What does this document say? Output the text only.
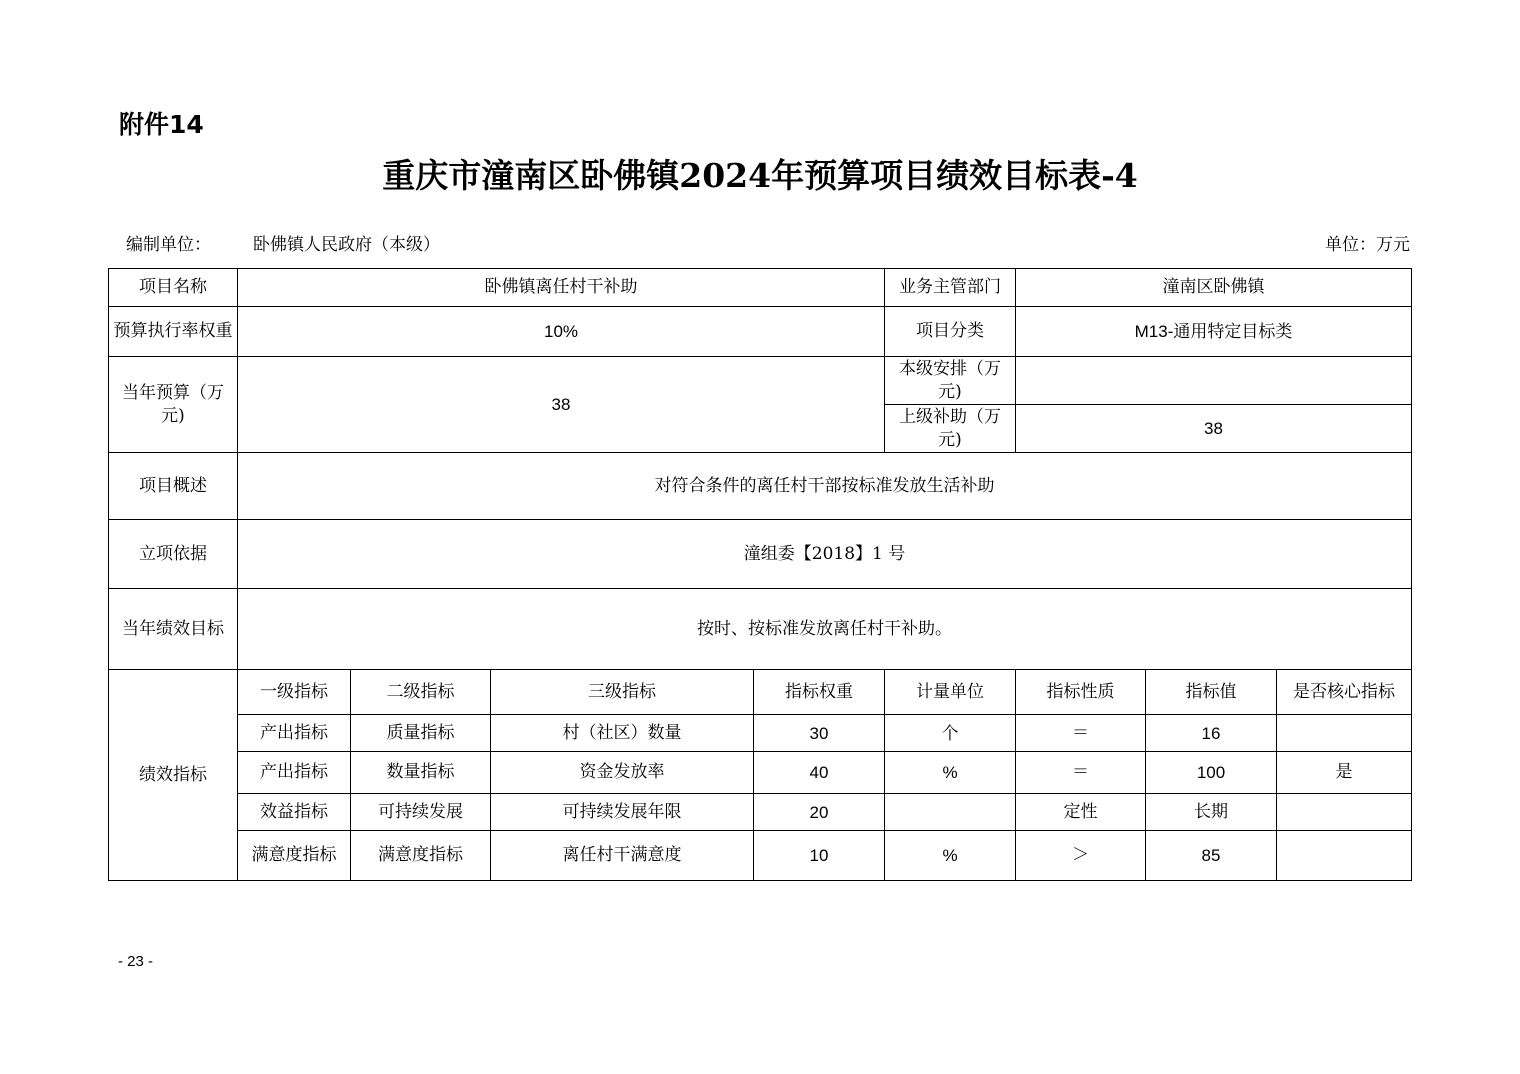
附件14
重庆市潼南区卧佛镇2024年预算项目绩效目标表-4
编制单位： 卧佛镇人民政府（本级）	单位：万元
项目名称	卧佛镇离任村干补助				业务主管部门	潼南区卧佛镇		
预算执行率权重	10%				项目分类	M13-通用特定目标类		
当年预算（万元)	38				本级安排（万元)			
					上级补助（万元)	38		
项目概述	对符合条件的离任村干部按标准发放生活补助							
立项依据	潼组委【2018】1 号							
当年绩效目标	按时、按标准发放离任村干补助。							
绩效指标	一级指标	二级指标	三级指标	指标权重	计量单位	指标性质	指标值	是否核心指标
	产出指标	质量指标	村（社区）数量	30	个	＝	16	
	产出指标	数量指标	资金发放率	40	%	＝	100	是
	效益指标	可持续发展	可持续发展年限	20		定性	长期	
	满意度指标	满意度指标	离任村干满意度	10	%	＞	85	
- 23 -
